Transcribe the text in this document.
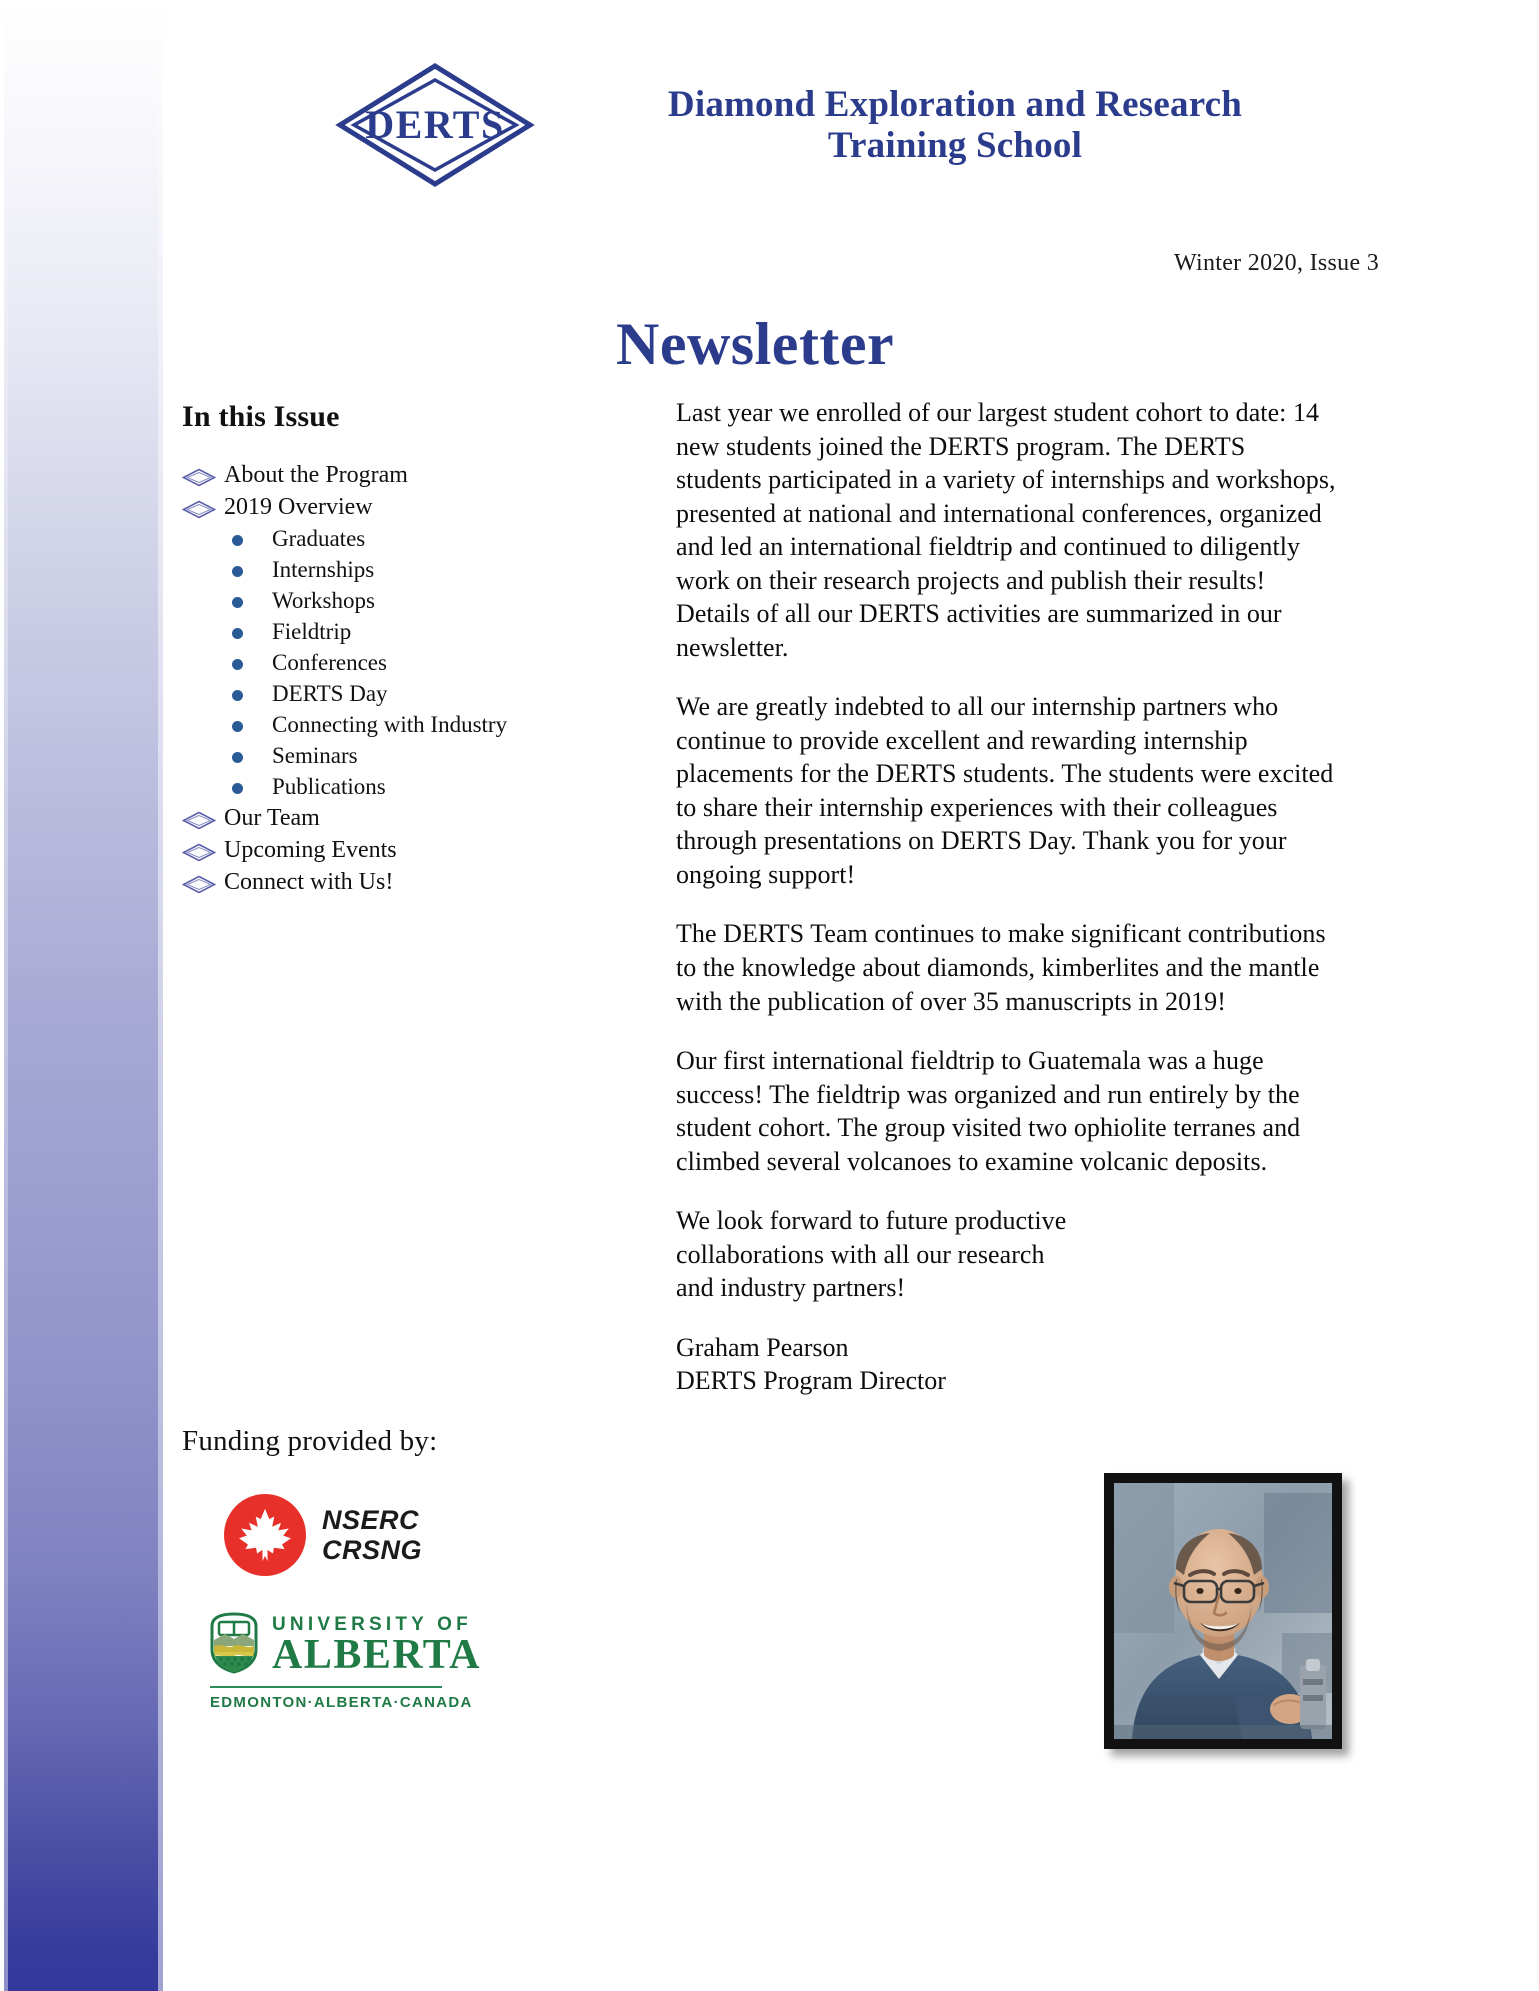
DERTS	Diamond Exploration and Research
Training School
Winter 2020, Issue 3
Newsletter
In this Issue
About the Program
2019 Overview
Graduates
Internships
Workshops
Fieldtrip
Conferences
DERTS Day
Connecting with Industry
Seminars
Publications
Our Team
Upcoming Events
Connect with Us!
Funding provided by:
NSERC
CRSNG
UNIVERSITY OF
ALBERTA
EDMONTON·ALBERTA·CANADA

Last year we enrolled of our largest student cohort to date: 14 new students joined the DERTS program. The DERTS students participated in a variety of internships and workshops, presented at national and international conferences, organized and led an international fieldtrip and continued to diligently work on their research projects and publish their results! Details of all our DERTS activities are summarized in our newsletter.

We are greatly indebted to all our internship partners who continue to provide excellent and rewarding internship placements for the DERTS students. The students were excited to share their internship experiences with their colleagues through presentations on DERTS Day. Thank you for your ongoing support!

The DERTS Team continues to make significant contributions to the knowledge about diamonds, kimberlites and the mantle with the publication of over 35 manuscripts in 2019!

Our first international fieldtrip to Guatemala was a huge success! The fieldtrip was organized and run entirely by the student cohort. The group visited two ophiolite terranes and climbed several volcanoes to examine volcanic deposits.

We look forward to future productive collaborations with all our research and industry partners!

Graham Pearson
DERTS Program Director
